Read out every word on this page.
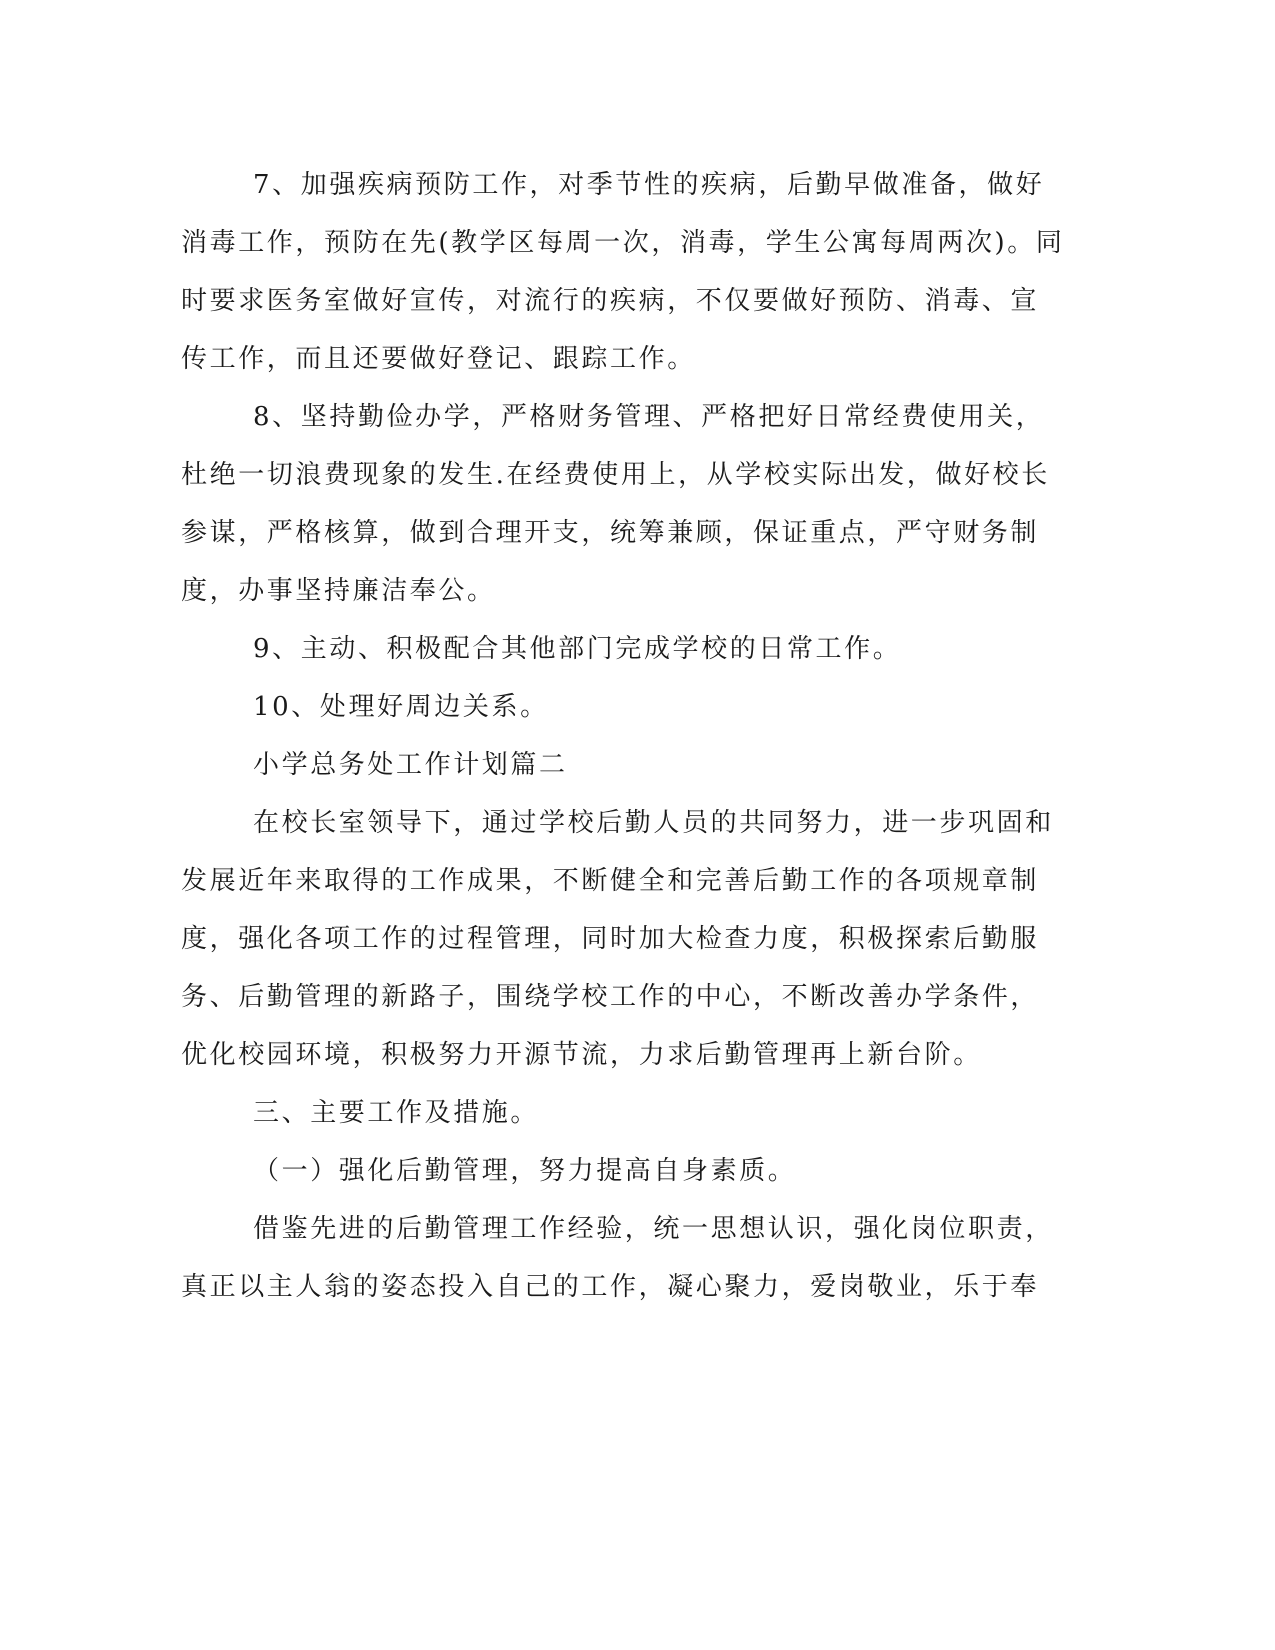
7、加强疾病预防工作，对季节性的疾病，后勤早做准备，做好
消毒工作，预防在先(教学区每周一次，消毒，学生公寓每周两次)。同
时要求医务室做好宣传，对流行的疾病，不仅要做好预防、消毒、宣
传工作，而且还要做好登记、跟踪工作。

8、坚持勤俭办学，严格财务管理、严格把好日常经费使用关，
杜绝一切浪费现象的发生.在经费使用上，从学校实际出发，做好校长
参谋，严格核算，做到合理开支，统筹兼顾，保证重点，严守财务制
度，办事坚持廉洁奉公。

9、主动、积极配合其他部门完成学校的日常工作。

10、处理好周边关系。

小学总务处工作计划篇二

在校长室领导下，通过学校后勤人员的共同努力，进一步巩固和
发展近年来取得的工作成果，不断健全和完善后勤工作的各项规章制
度，强化各项工作的过程管理，同时加大检查力度，积极探索后勤服
务、后勤管理的新路子，围绕学校工作的中心，不断改善办学条件，
优化校园环境，积极努力开源节流，力求后勤管理再上新台阶。

三、主要工作及措施。

（一）强化后勤管理，努力提高自身素质。

借鉴先进的后勤管理工作经验，统一思想认识，强化岗位职责，
真正以主人翁的姿态投入自己的工作，凝心聚力，爱岗敬业，乐于奉
